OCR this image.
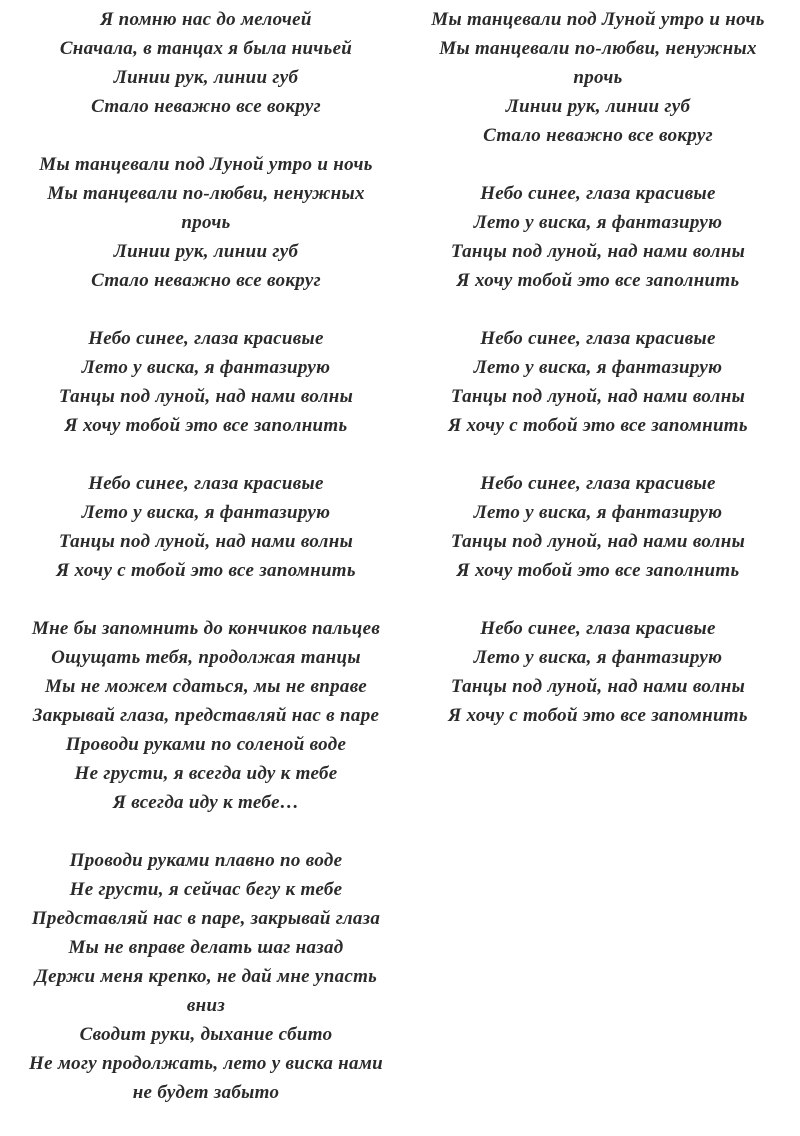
Я помню нас до мелочей
Сначала, в танцах я была ничьей
Линии рук, линии губ
Стало неважно все вокруг
Мы танцевали под Луной утро и ночь
Мы танцевали по-любви, ненужных
прочь
Линии рук, линии губ
Стало неважно все вокруг
Небо синее, глаза красивые
Лето у виска, я фантазирую
Танцы под луной, над нами волны
Я хочу тобой это все заполнить
Небо синее, глаза красивые
Лето у виска, я фантазирую
Танцы под луной, над нами волны
Я хочу с тобой это все запомнить
Мне бы запомнить до кончиков пальцев
Ощущать тебя, продолжая танцы
Мы не можем сдаться, мы не вправе
Закрывай глаза, представляй нас в паре
Проводи руками по соленой воде
Не грусти, я всегда иду к тебе
Я всегда иду к тебе…
Проводи руками плавно по воде
Не грусти, я сейчас бегу к тебе
Представляй нас в паре, закрывай глаза
Мы не вправе делать шаг назад
Держи меня крепко, не дай мне упасть
вниз
Сводит руки, дыхание сбито
Не могу продолжать, лето у виска нами
не будет забыто
Мы танцевали под Луной утро и ночь
Мы танцевали по-любви, ненужных
прочь
Линии рук, линии губ
Стало неважно все вокруг
Небо синее, глаза красивые
Лето у виска, я фантазирую
Танцы под луной, над нами волны
Я хочу тобой это все заполнить
Небо синее, глаза красивые
Лето у виска, я фантазирую
Танцы под луной, над нами волны
Я хочу с тобой это все запомнить
Небо синее, глаза красивые
Лето у виска, я фантазирую
Танцы под луной, над нами волны
Я хочу тобой это все заполнить
Небо синее, глаза красивые
Лето у виска, я фантазирую
Танцы под луной, над нами волны
Я хочу с тобой это все запомнить
